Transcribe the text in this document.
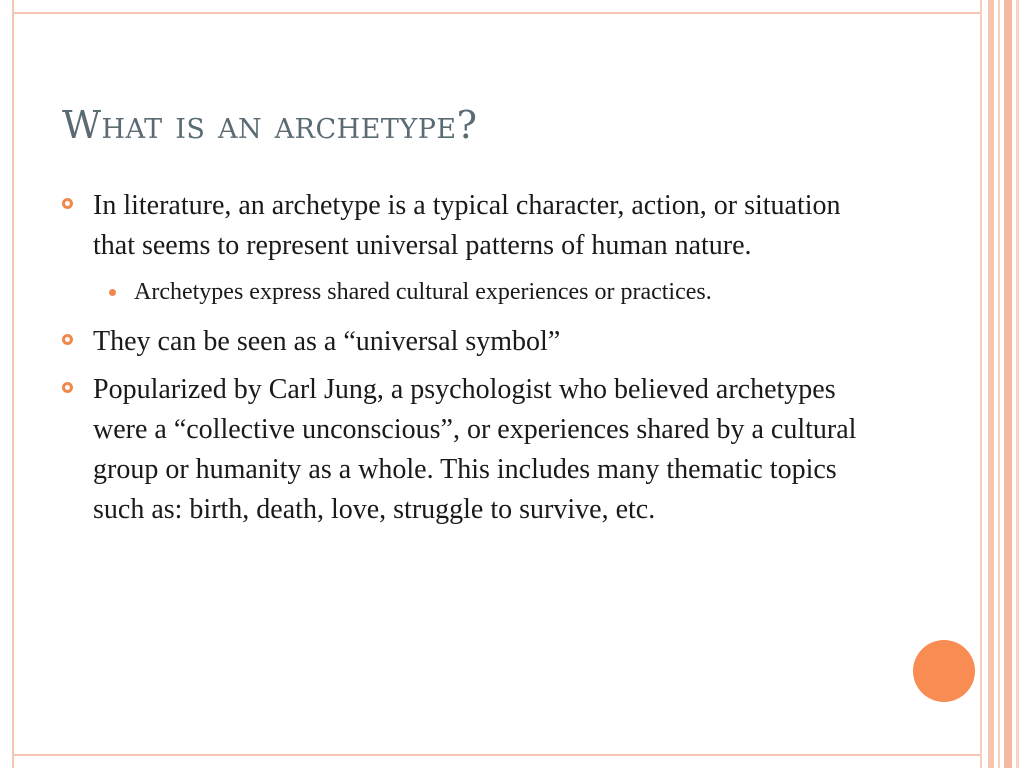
What is an archetype?
In literature, an archetype is a typical character, action, or situation that seems to represent universal patterns of human nature.
Archetypes express shared cultural experiences or practices.
They can be seen as a “universal symbol”
Popularized by Carl Jung, a psychologist who believed archetypes were a “collective unconscious”, or experiences shared by a cultural group or humanity as a whole. This includes many thematic topics such as: birth, death, love, struggle to survive, etc.
